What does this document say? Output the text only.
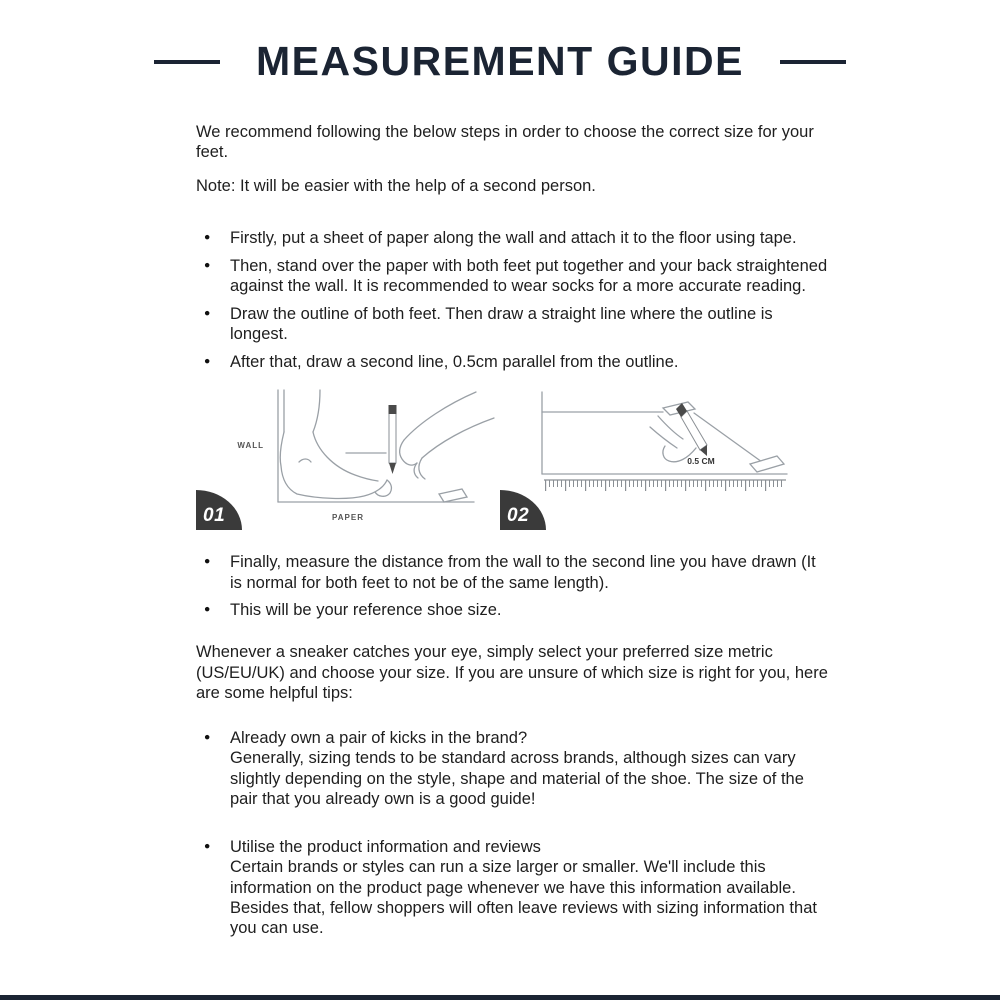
MEASUREMENT GUIDE

We recommend following the below steps in order to choose the correct size for your feet.

Note: It will be easier with the help of a second person.

● Firstly, put a sheet of paper along the wall and attach it to the floor using tape.
● Then, stand over the paper with both feet put together and your back straightened against the wall. It is recommended to wear socks for a more accurate reading.
● Draw the outline of both feet. Then draw a straight line where the outline is longest.
● After that, draw a second line, 0.5cm parallel from the outline.
WALL
PAPER
01
0.5 CM
02
● Finally, measure the distance from the wall to the second line you have drawn (It is normal for both feet to not be of the same length).
● This will be your reference shoe size.

Whenever a sneaker catches your eye, simply select your preferred size metric (US/EU/UK) and choose your size. If you are unsure of which size is right for you, here are some helpful tips:

● Already own a pair of kicks in the brand?
Generally, sizing tends to be standard across brands, although sizes can vary slightly depending on the style, shape and material of the shoe. The size of the pair that you already own is a good guide!
● Utilise the product information and reviews
Certain brands or styles can run a size larger or smaller. We'll include this information on the product page whenever we have this information available. Besides that, fellow shoppers will often leave reviews with sizing information that you can use.
